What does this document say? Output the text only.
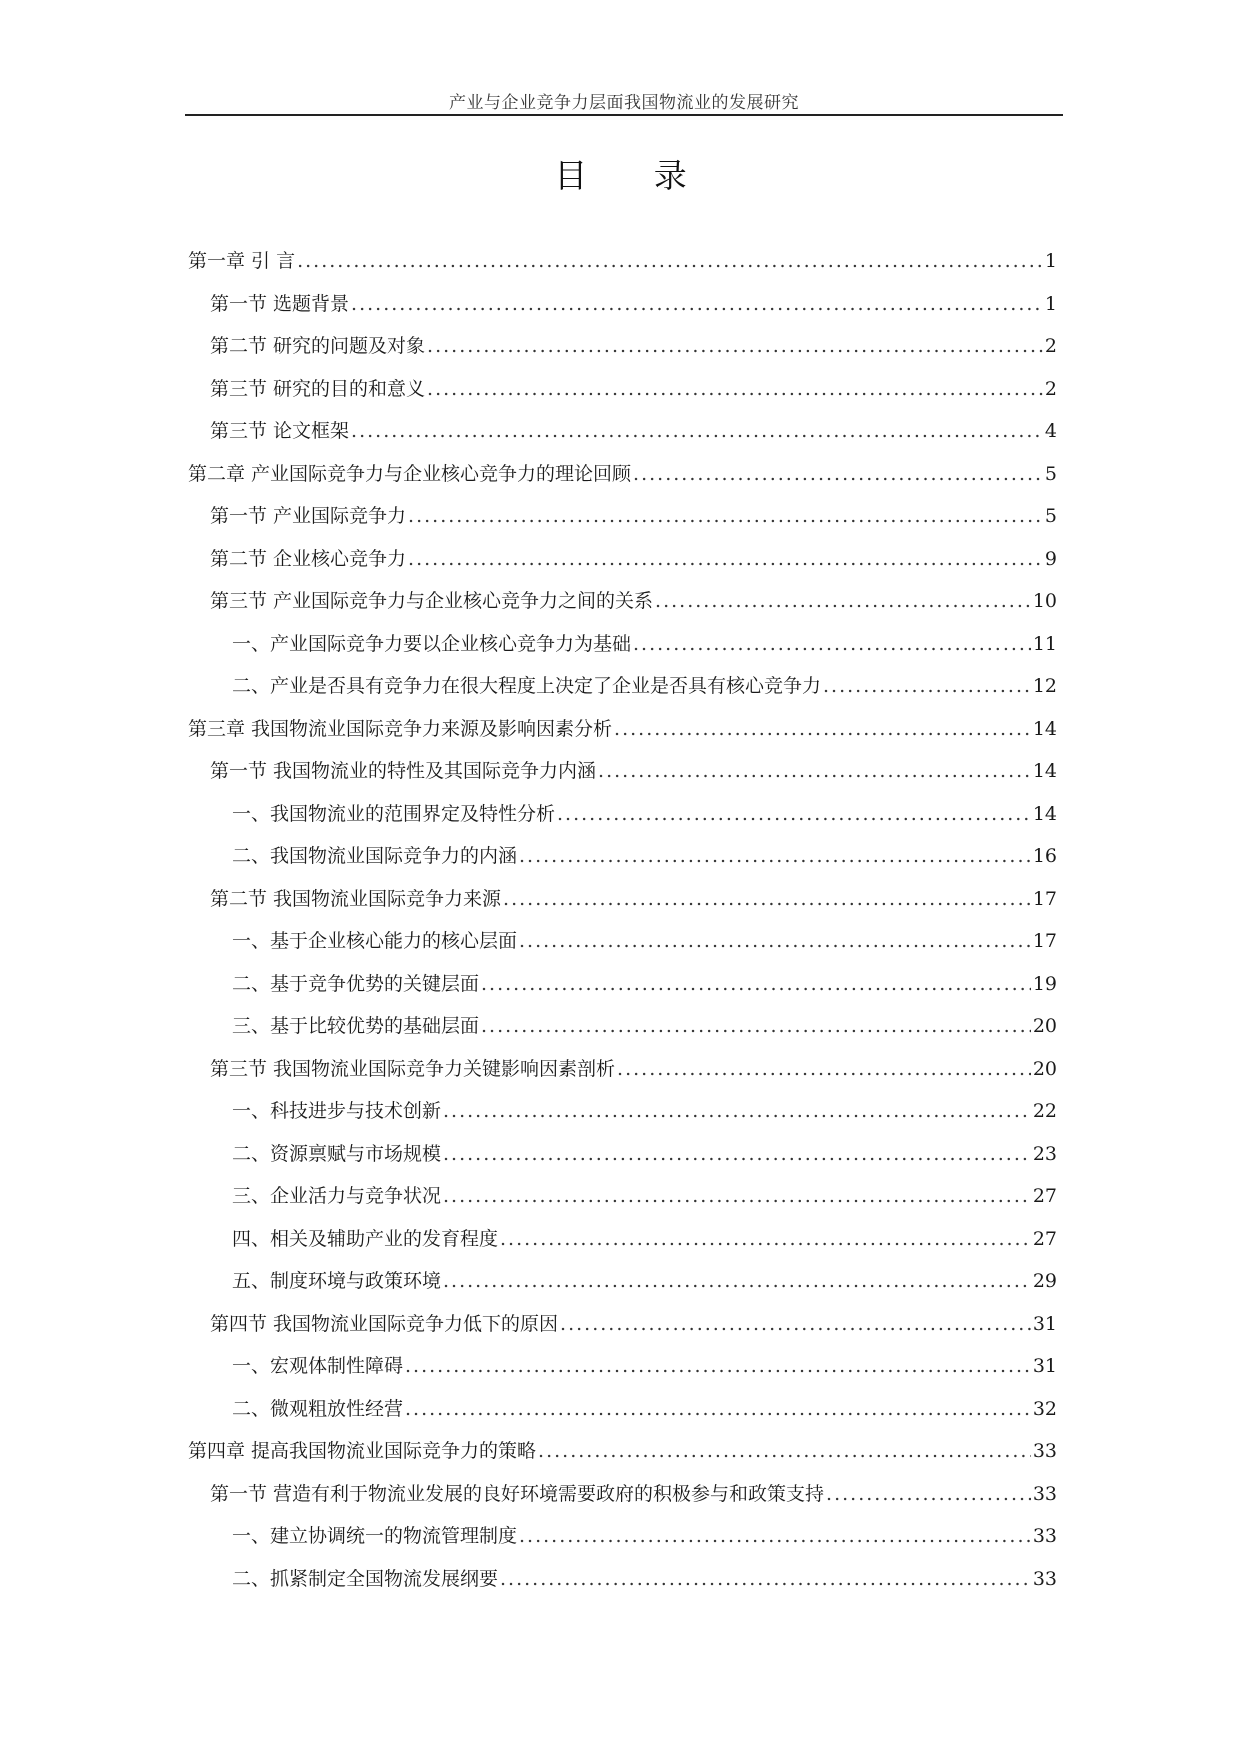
产业与企业竞争力层面我国物流业的发展研究
目 录
第一章 引 言 .....	1
第一节 选题背景 .....	1
第二节 研究的问题及对象 .....	2
第三节 研究的目的和意义 .....	2
第三节 论文框架 .....	4
第二章 产业国际竞争力与企业核心竞争力的理论回顾 .....	5
第一节 产业国际竞争力 .....	5
第二节 企业核心竞争力 .....	9
第三节 产业国际竞争力与企业核心竞争力之间的关系 .....	10
一、产业国际竞争力要以企业核心竞争力为基础 .....	11
二、产业是否具有竞争力在很大程度上决定了企业是否具有核心竞争力 .....	12
第三章 我国物流业国际竞争力来源及影响因素分析 .....	14
第一节 我国物流业的特性及其国际竞争力内涵 .....	14
一、我国物流业的范围界定及特性分析 .....	14
二、我国物流业国际竞争力的内涵 .....	16
第二节 我国物流业国际竞争力来源 .....	17
一、基于企业核心能力的核心层面 .....	17
二、基于竞争优势的关键层面 .....	19
三、基于比较优势的基础层面 .....	20
第三节 我国物流业国际竞争力关键影响因素剖析 .....	20
一、科技进步与技术创新 .....	22
二、资源禀赋与市场规模 .....	23
三、企业活力与竞争状况 .....	27
四、相关及辅助产业的发育程度 .....	27
五、制度环境与政策环境 .....	29
第四节 我国物流业国际竞争力低下的原因 .....	31
一、宏观体制性障碍 .....	31
二、微观粗放性经营 .....	32
第四章 提高我国物流业国际竞争力的策略 .....	33
第一节 营造有利于物流业发展的良好环境需要政府的积极参与和政策支持 .....	33
一、建立协调统一的物流管理制度 .....	33
二、抓紧制定全国物流发展纲要 .....	33
